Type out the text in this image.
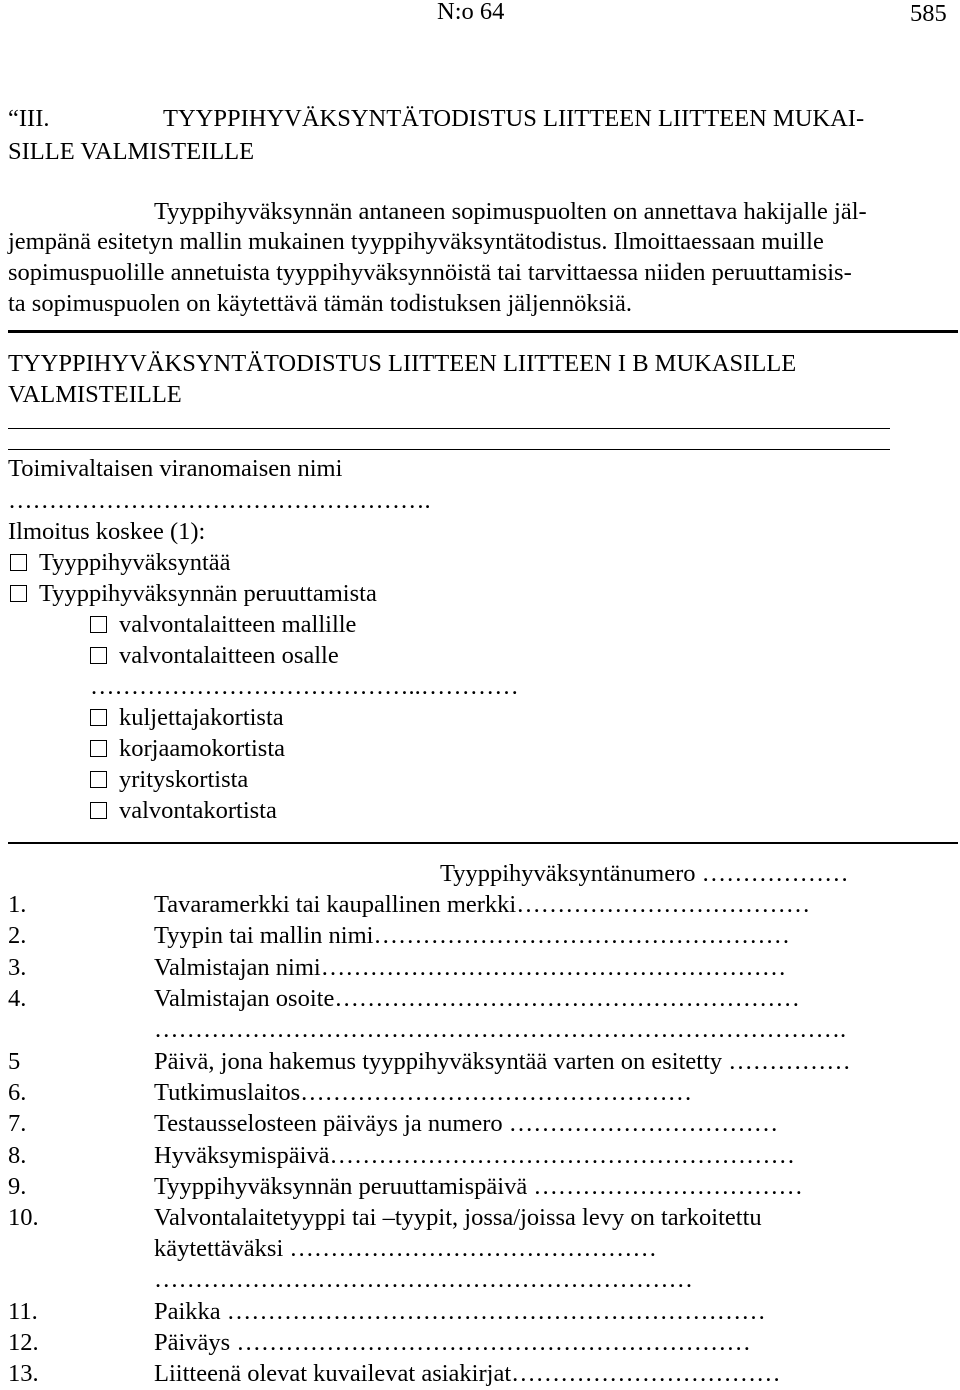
N:o 64	585
“III.	TYYPPIHYVÄKSYNTÄTODISTUS LIITTEEN LIITTEEN MUKAI-
SILLE VALMISTEILLE
Tyyppihyväksynnän antaneen sopimuspuolten on annettava hakijalle jäl-
jempänä esitetyn mallin mukainen tyyppihyväksyntätodistus. Ilmoittaessaan muille
sopimuspuolille annetuista tyyppihyväksynnöistä tai tarvittaessa niiden peruuttamisis-
ta sopimuspuolen on käytettävä tämän todistuksen jäljennöksiä.
TYYPPIHYVÄKSYNTÄTODISTUS LIITTEEN LIITTEEN I B MUKASILLE
VALMISTEILLE
Toimivaltaisen viranomaisen nimi
…………………………………………….
Ilmoitus koskee (1):
Tyyppihyväksyntää
Tyyppihyväksynnän peruuttamista
valvontalaitteen mallille
valvontalaitteen osalle
…………………………………..…………
kuljettajakortista
korjaamokortista
yrityskortista
valvontakortista
Tyyppihyväksyntänumero ………………
1.	Tavaramerkki tai kaupallinen merkki………………………………
2.	Tyypin tai mallin nimi……………………………………………
3.	Valmistajan nimi…………………………………………………
4.	Valmistajan osoite…………………………………………………
………………………………………………………………………….
5	Päivä, jona hakemus tyyppihyväksyntää varten on esitetty ……………
6.	Tutkimuslaitos…………………………………………
7.	Testausselosteen päiväys ja numero ……………………………
8.	Hyväksymispäivä…………………………………………………
9.	Tyyppihyväksynnän peruuttamispäivä ……………………………
10.	Valvontalaitetyyppi tai –tyypit, jossa/joissa levy on tarkoitettu
käytettäväksi ………………………………………
…………………………………………………………
11.	Paikka …………………………………………………………
12.	Päiväys ………………………………………………………
13.	Liitteenä olevat kuvailevat asiakirjat……………………………
